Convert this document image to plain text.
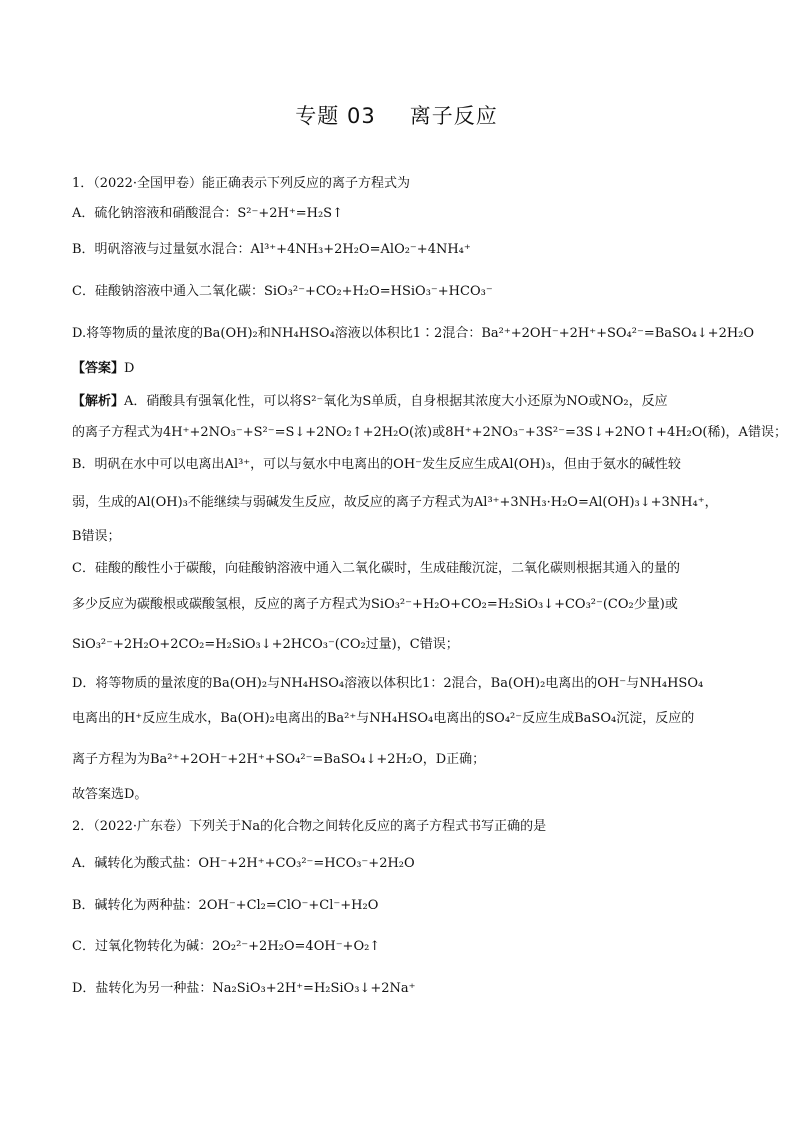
专题 03 离子反应
1．（2022·全国甲卷）能正确表示下列反应的离子方程式为
A．硫化钠溶液和硝酸混合：S²⁻+2H⁺=H₂S↑
B．明矾溶液与过量氨水混合：Al³⁺+4NH₃+2H₂O=AlO₂⁻+4NH₄⁺
C．硅酸钠溶液中通入二氧化碳：SiO₃²⁻+CO₂+H₂O=HSiO₃⁻+HCO₃⁻
D.将等物质的量浓度的Ba(OH)₂和NH₄HSO₄溶液以体积比1∶2混合：Ba²⁺+2OH⁻+2H⁺+SO₄²⁻=BaSO₄↓+2H₂O
【答案】D
【解析】A．硝酸具有强氧化性，可以将S²⁻氧化为S单质，自身根据其浓度大小还原为NO或NO₂，反应
的离子方程式为4H⁺+2NO₃⁻+S²⁻=S↓+2NO₂↑+2H₂O(浓)或8H⁺+2NO₃⁻+3S²⁻=3S↓+2NO↑+4H₂O(稀)，A错误；
B．明矾在水中可以电离出Al³⁺，可以与氨水中电离出的OH⁻发生反应生成Al(OH)₃，但由于氨水的碱性较
弱，生成的Al(OH)₃不能继续与弱碱发生反应，故反应的离子方程式为Al³⁺+3NH₃·H₂O=Al(OH)₃↓+3NH₄⁺，
B错误；
C．硅酸的酸性小于碳酸，向硅酸钠溶液中通入二氧化碳时，生成硅酸沉淀，二氧化碳则根据其通入的量的
多少反应为碳酸根或碳酸氢根，反应的离子方程式为SiO₃²⁻+H₂O+CO₂=H₂SiO₃↓+CO₃²⁻(CO₂少量)或
SiO₃²⁻+2H₂O+2CO₂=H₂SiO₃↓+2HCO₃⁻(CO₂过量)，C错误；
D．将等物质的量浓度的Ba(OH)₂与NH₄HSO₄溶液以体积比1：2混合，Ba(OH)₂电离出的OH⁻与NH₄HSO₄
电离出的H⁺反应生成水，Ba(OH)₂电离出的Ba²⁺与NH₄HSO₄电离出的SO₄²⁻反应生成BaSO₄沉淀，反应的
离子方程为为Ba²⁺+2OH⁻+2H⁺+SO₄²⁻=BaSO₄↓+2H₂O，D正确；
故答案选D。
2．（2022·广东卷）下列关于Na的化合物之间转化反应的离子方程式书写正确的是
A．碱转化为酸式盐：OH⁻+2H⁺+CO₃²⁻=HCO₃⁻+2H₂O
B．碱转化为两种盐：2OH⁻+Cl₂=ClO⁻+Cl⁻+H₂O
C．过氧化物转化为碱：2O₂²⁻+2H₂O=4OH⁻+O₂↑
D．盐转化为另一种盐：Na₂SiO₃+2H⁺=H₂SiO₃↓+2Na⁺
